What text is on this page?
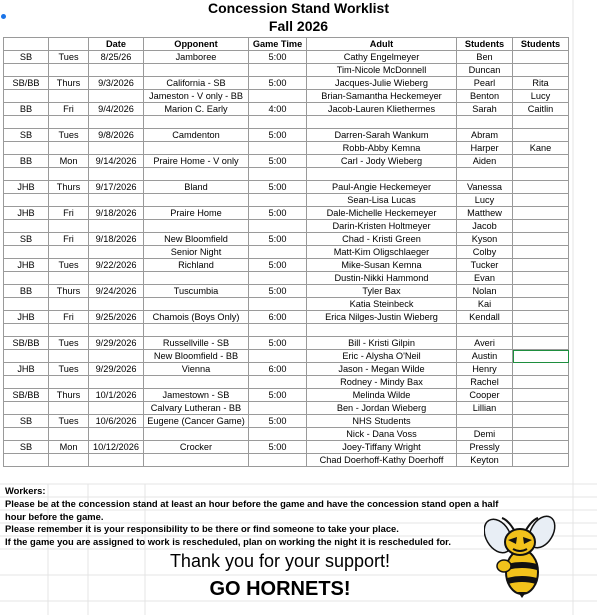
Concession Stand Worklist
Fall 2026
		Date	Opponent	Game Time	Adult	Students	Students
SB	Tues	8/25/26	Jamboree	5:00	Cathy Engelmeyer	Ben	
					Tim-Nicole McDonnell	Duncan	
SB/BB	Thurs	9/3/2026	California - SB	5:00	Jacques-Julie Wieberg	Pearl	Rita
			Jameston - V only - BB		Brian-Samantha Heckemeyer	Benton	Lucy
BB	Fri	9/4/2026	Marion C. Early	4:00	Jacob-Lauren Kliethermes	Sarah	Caitlin

SB	Tues	9/8/2026	Camdenton	5:00	Darren-Sarah Wankum	Abram	
					Robb-Abby Kemna	Harper	Kane
BB	Mon	9/14/2026	Praire Home - V only	5:00	Carl - Jody Wieberg	Aiden	

JHB	Thurs	9/17/2026	Bland	5:00	Paul-Angie Heckemeyer	Vanessa	
					Sean-Lisa Lucas	Lucy	
JHB	Fri	9/18/2026	Praire Home	5:00	Dale-Michelle Heckemeyer	Matthew	
					Darin-Kristen Holtmeyer	Jacob	
SB	Fri	9/18/2026	New Bloomfield	5:00	Chad - Kristi Green	Kyson	
			Senior Night		Matt-Kim Oligschlaeger	Colby	
JHB	Tues	9/22/2026	Richland	5:00	Mike-Susan Kemna	Tucker	
					Dustin-Nikki Hammond	Evan	
BB	Thurs	9/24/2026	Tuscumbia	5:00	Tyler Bax	Nolan	
					Katia Steinbeck	Kai	
JHB	Fri	9/25/2026	Chamois (Boys Only)	6:00	Erica Nilges-Justin Wieberg	Kendall	

SB/BB	Tues	9/29/2026	Russellville - SB	5:00	Bill - Kristi Gilpin	Averi	
			New Bloomfield - BB		Eric - Alysha O'Neil	Austin	
JHB	Tues	9/29/2026	Vienna	6:00	Jason - Megan Wilde	Henry	
					Rodney - Mindy Bax	Rachel	
SB/BB	Thurs	10/1/2026	Jamestown - SB	5:00	Melinda Wilde	Cooper	
			Calvary Lutheran - BB		Ben - Jordan Wieberg	Lillian	
SB	Tues	10/6/2026	Eugene (Cancer Game)	5:00	NHS Students		
					Nick - Dana Voss	Demi	
SB	Mon	10/12/2026	Crocker	5:00	Joey-Tiffany Wright	Pressly	
					Chad Doerhoff-Kathy Doerhoff	Keyton	

Workers:

Please be at the concession stand at least an hour before the game and have the concession stand open a half hour before the game.

Please remember it is your responsibility to be there or find someone to take your place.

If the game you are assigned to work is rescheduled, plan on working the night it is rescheduled for.

Thank you for your support!
GO HORNETS!
